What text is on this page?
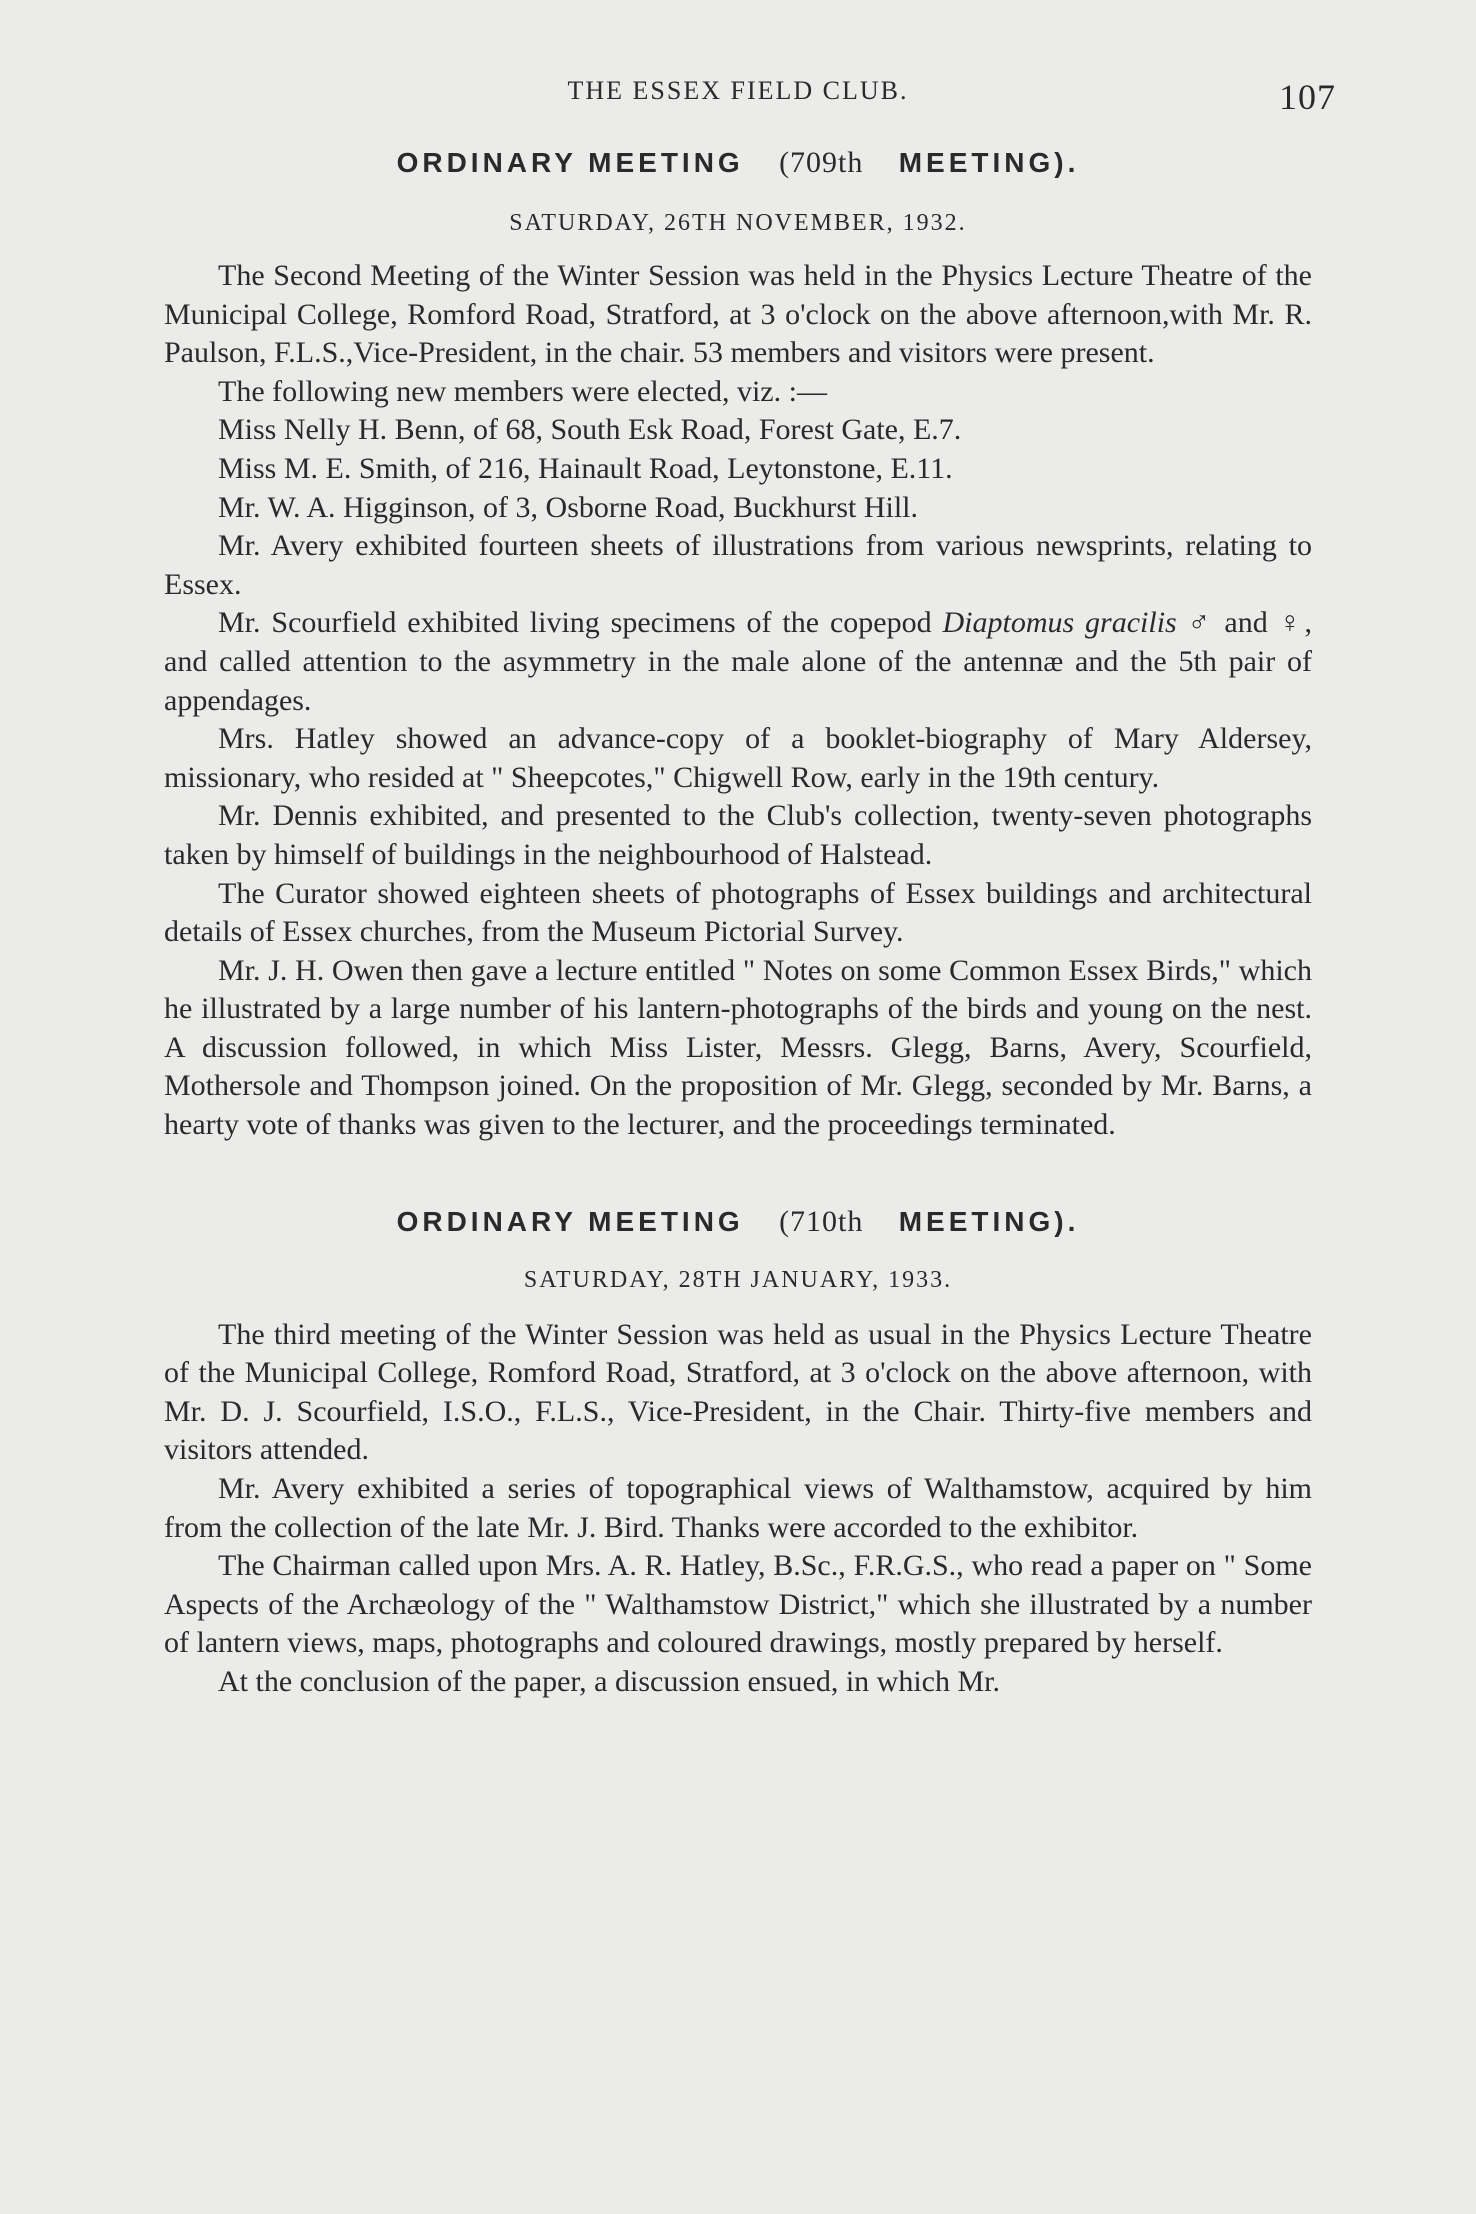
THE ESSEX FIELD CLUB.	107
ORDINARY MEETING (709th MEETING).

SATURDAY, 26TH NOVEMBER, 1932.

The Second Meeting of the Winter Session was held in the Physics Lecture Theatre of the Municipal College, Romford Road, Stratford, at 3 o'clock on the above afternoon,with Mr. R. Paulson, F.L.S.,Vice-President, in the chair. 53 members and visitors were present.

The following new members were elected, viz. :—

Miss Nelly H. Benn, of 68, South Esk Road, Forest Gate, E.7.

Miss M. E. Smith, of 216, Hainault Road, Leytonstone, E.11.

Mr. W. A. Higginson, of 3, Osborne Road, Buckhurst Hill.

Mr. Avery exhibited fourteen sheets of illustrations from various newsprints, relating to Essex.

Mr. Scourfield exhibited living specimens of the copepod Diaptomus gracilis ♂ and ♀, and called attention to the asymmetry in the male alone of the antennæ and the 5th pair of appendages.

Mrs. Hatley showed an advance-copy of a booklet-biography of Mary Aldersey, missionary, who resided at " Sheepcotes," Chigwell Row, early in the 19th century.

Mr. Dennis exhibited, and presented to the Club's collection, twenty-seven photographs taken by himself of buildings in the neighbourhood of Halstead.

The Curator showed eighteen sheets of photographs of Essex buildings and architectural details of Essex churches, from the Museum Pictorial Survey.

Mr. J. H. Owen then gave a lecture entitled " Notes on some Common Essex Birds," which he illustrated by a large number of his lantern-photographs of the birds and young on the nest. A discussion followed, in which Miss Lister, Messrs. Glegg, Barns, Avery, Scourfield, Mothersole and Thompson joined. On the proposition of Mr. Glegg, seconded by Mr. Barns, a hearty vote of thanks was given to the lecturer, and the proceedings terminated.

ORDINARY MEETING (710th MEETING).

SATURDAY, 28TH JANUARY, 1933.

The third meeting of the Winter Session was held as usual in the Physics Lecture Theatre of the Municipal College, Romford Road, Stratford, at 3 o'clock on the above afternoon, with Mr. D. J. Scourfield, I.S.O., F.L.S., Vice-President, in the Chair. Thirty-five members and visitors attended.

Mr. Avery exhibited a series of topographical views of Walthamstow, acquired by him from the collection of the late Mr. J. Bird. Thanks were accorded to the exhibitor.

The Chairman called upon Mrs. A. R. Hatley, B.Sc., F.R.G.S., who read a paper on " Some Aspects of the Archæology of the " Walthamstow District," which she illustrated by a number of lantern views, maps, photographs and coloured drawings, mostly prepared by herself.

At the conclusion of the paper, a discussion ensued, in which Mr.
